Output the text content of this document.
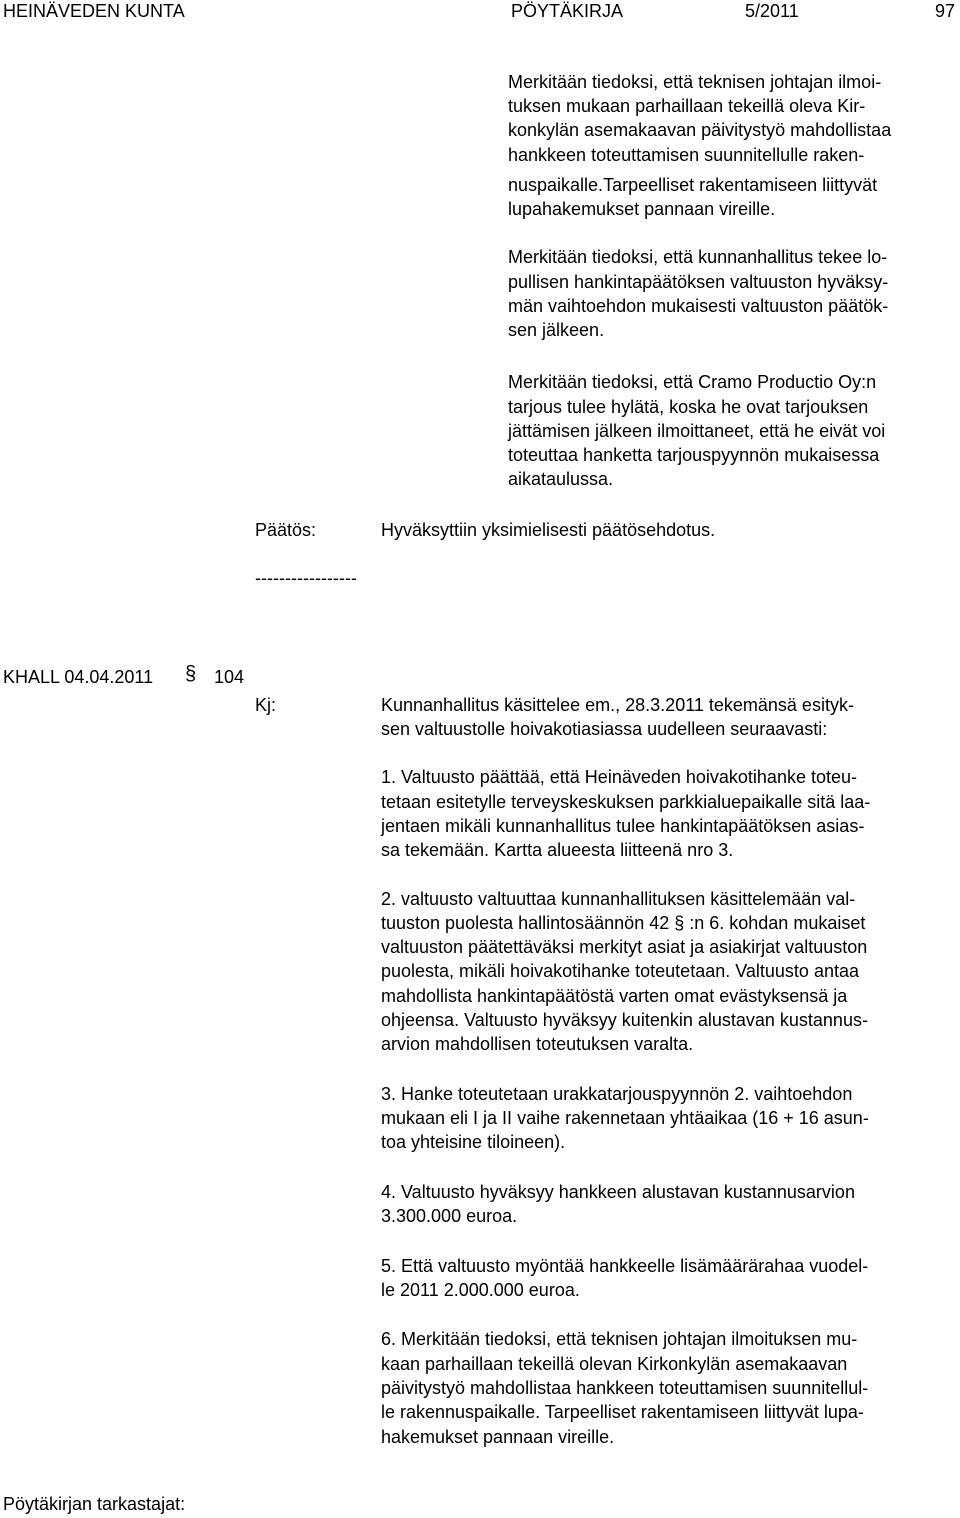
HEINÄVEDEN KUNTA	PÖYTÄKIRJA	5/2011	97
Merkitään tiedoksi, että teknisen johtajan ilmoi-
tuksen mukaan parhaillaan tekeillä oleva Kir-
konkylän asemakaavan päivitystyö mahdollistaa
hankkeen toteuttamisen suunnitellulle raken-
nuspaikalle.Tarpeelliset rakentamiseen liittyvät
lupahakemukset pannaan vireille.
Merkitään tiedoksi, että kunnanhallitus tekee lo-
pullisen hankintapäätöksen valtuuston hyväksy-
män vaihtoehdon mukaisesti valtuuston päätök-
sen jälkeen.
Merkitään tiedoksi, että Cramo Productio Oy:n
tarjous tulee hylätä, koska he ovat tarjouksen
jättämisen jälkeen ilmoittaneet, että he eivät voi
toteuttaa hanketta tarjouspyynnön mukaisessa
aikataulussa.
Päätös:	Hyväksyttiin yksimielisesti päätösehdotus.
-----------------
KHALL 04.04.2011 § 104
Kj:	Kunnanhallitus käsittelee em., 28.3.2011 tekemänsä esityk-
sen valtuustolle hoivakotiasiassa uudelleen seuraavasti:
1. Valtuusto päättää, että Heinäveden hoivakotihanke toteu-
tetaan esitetylle terveyskeskuksen parkkialuepaikalle sitä laa-
jentaen mikäli kunnanhallitus tulee hankintapäätöksen asias-
sa tekemään. Kartta alueesta liitteenä nro 3.
2. valtuusto valtuuttaa kunnanhallituksen käsittelemään val-
tuuston puolesta hallintosäännön 42 § :n 6. kohdan mukaiset
valtuuston päätettäväksi merkityt asiat ja asiakirjat valtuuston
puolesta, mikäli hoivakotihanke toteutetaan. Valtuusto antaa
mahdollista hankintapäätöstä varten omat evästyksensä ja
ohjeensa. Valtuusto hyväksyy kuitenkin alustavan kustannus-
arvion mahdollisen toteutuksen varalta.
3. Hanke toteutetaan urakkatarjouspyynnön 2. vaihtoehdon
mukaan eli I ja II vaihe rakennetaan yhtäaikaa (16 + 16 asun-
toa yhteisine tiloineen).
4. Valtuusto hyväksyy hankkeen alustavan kustannusarvion
3.300.000 euroa.
5. Että valtuusto myöntää hankkeelle lisämäärärahaa vuodel-
le 2011 2.000.000 euroa.
6. Merkitään tiedoksi, että teknisen johtajan ilmoituksen mu-
kaan parhaillaan tekeillä olevan Kirkonkylän asemakaavan
päivitystyö mahdollistaa hankkeen toteuttamisen suunnitellul-
le rakennuspaikalle. Tarpeelliset rakentamiseen liittyvät lupa-
hakemukset pannaan vireille.
Pöytäkirjan tarkastajat:
